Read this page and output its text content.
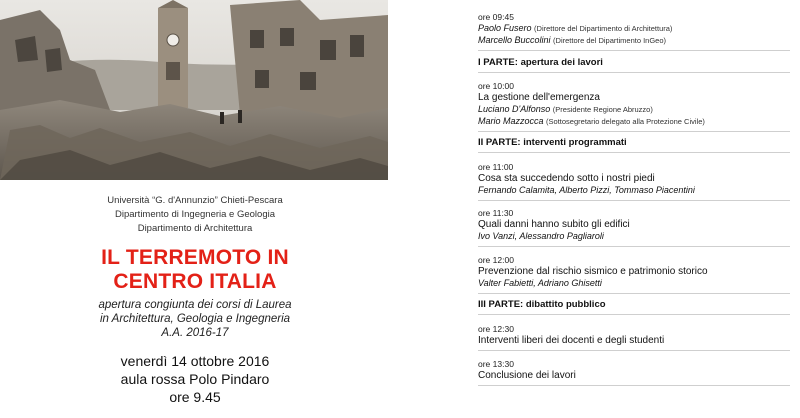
Università “G. d'Annunzio” Chieti-Pescara
Dipartimento di Ingegneria e Geologia
Dipartimento di Architettura
IL TERREMOTO IN
CENTRO ITALIA
apertura congiunta dei corsi di Laurea
in Architettura, Geologia e Ingegneria
A.A. 2016-17
venerdì 14 ottobre 2016
aula rossa Polo Pindaro
ore 9.45
ore 09:45
Paolo Fusero (Direttore del Dipartimento di Architettura)
Marcello Buccolini (Direttore del Dipartimento InGeo)
I PARTE: apertura dei lavori
ore 10:00
La gestione dell'emergenza
Luciano D'Alfonso (Presidente Regione Abruzzo)
Mario Mazzocca (Sottosegretario delegato alla Protezione Civile)
II PARTE: interventi programmati
ore 11:00
Cosa sta succedendo sotto i nostri piedi
Fernando Calamita, Alberto Pizzi, Tommaso Piacentini
ore 11:30
Quali danni hanno subito gli edifici
Ivo Vanzi, Alessandro Pagliaroli
ore 12:00
Prevenzione dal rischio sismico e patrimonio storico
Valter Fabietti, Adriano Ghisetti
III PARTE: dibattito pubblico
ore 12:30
Interventi liberi dei docenti e degli studenti
ore 13:30
Conclusione dei lavori
